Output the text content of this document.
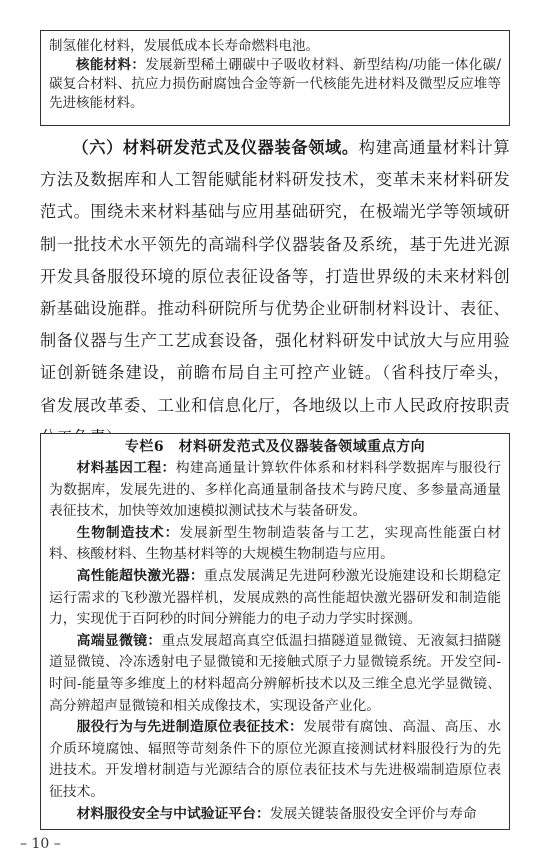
制氢催化材料，发展低成本长寿命燃料电池。

核能材料：发展新型稀土硼碳中子吸收材料、新型结构/功能一体化碳/碳复合材料、抗应力损伤耐腐蚀合金等新一代核能先进材料及微型反应堆等先进核能材料。

（六）材料研发范式及仪器装备领域。构建高通量材料计算方法及数据库和人工智能赋能材料研发技术，变革未来材料研发范式。围绕未来材料基础与应用基础研究，在极端光学等领域研制一批技术水平领先的高端科学仪器装备及系统，基于先进光源开发具备服役环境的原位表征设备等，打造世界级的未来材料创新基础设施群。推动科研院所与优势企业研制材料设计、表征、制备仪器与生产工艺成套设备，强化材料研发中试放大与应用验证创新链条建设，前瞻布局自主可控产业链。（省科技厅牵头，省发展改革委、工业和信息化厅，各地级以上市人民政府按职责

专栏6　材料研发范式及仪器装备领域重点方向

材料基因工程：构建高通量计算软件体系和材料科学数据库与服役行为数据库，发展先进的、多样化高通量制备技术与跨尺度、多参量高通量表征技术，加快等效加速模拟测试技术与装备研发。

生物制造技术：发展新型生物制造装备与工艺，实现高性能蛋白材料、核酸材料、生物基材料等的大规模生物制造与应用。

高性能超快激光器：重点发展满足先进阿秒激光设施建设和长期稳定运行需求的飞秒激光器样机，发展成熟的高性能超快激光器研发和制造能力，实现优于百阿秒的时间分辨能力的电子动力学实时探测。

高端显微镜：重点发展超高真空低温扫描隧道显微镜、无液氦扫描隧道显微镜、冷冻透射电子显微镜和无接触式原子力显微镜系统。开发空间-时间-能量等多维度上的材料超高分辨解析技术以及三维全息光学显微镜、高分辨超声显微镜和相关成像技术，实现设备产业化。

服役行为与先进制造原位表征技术：发展带有腐蚀、高温、高压、水介质环境腐蚀、辐照等苛刻条件下的原位光源直接测试材料服役行为的先进技术。开发增材制造与光源结合的原位表征技术与先进极端制造原位表征技术。

材料服役安全与中试验证平台：发展关键装备服役安全评价与寿命

– 10 –
